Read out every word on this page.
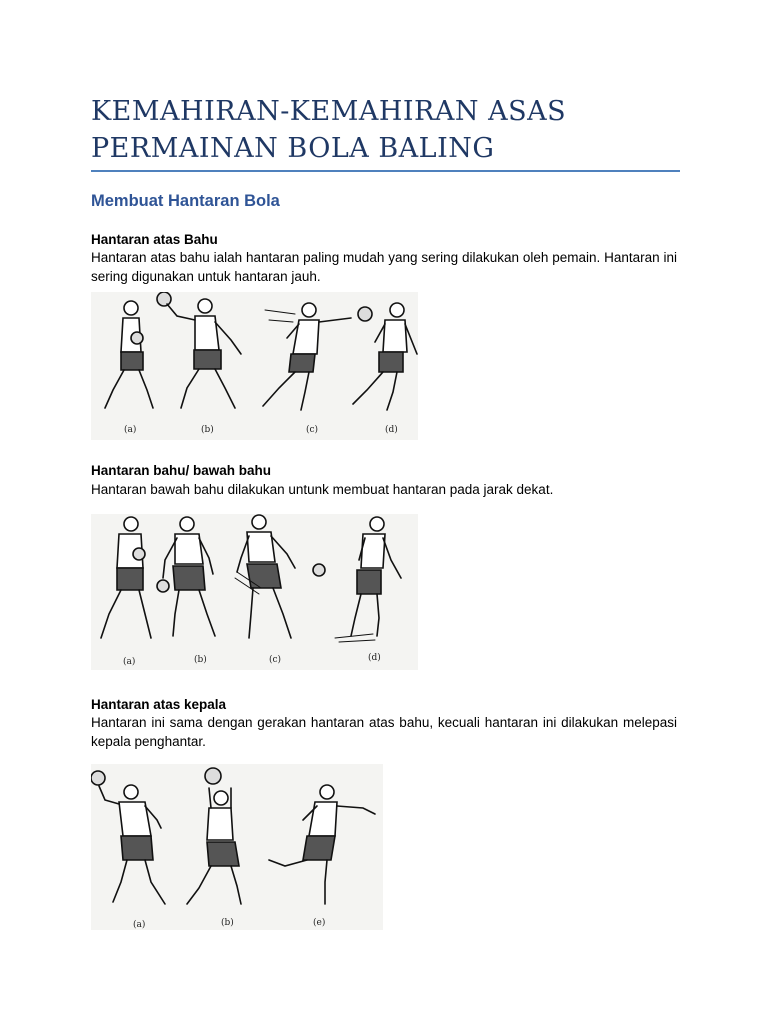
KEMAHIRAN-KEMAHIRAN ASAS
PERMAINAN BOLA BALING
Membuat Hantaran Bola
Hantaran atas Bahu

Hantaran atas bahu ialah hantaran paling mudah yang sering dilakukan oleh pemain. Hantaran ini sering digunakan untuk hantaran jauh.

(a)	(b)	(c)	(d)
Hantaran bahu/ bawah bahu

Hantaran bawah bahu dilakukan untunk membuat hantaran pada jarak dekat.

(a)	(b)	(c)	(d)
Hantaran atas kepala

Hantaran ini sama dengan gerakan hantaran atas bahu, kecuali hantaran ini dilakukan melepasi kepala penghantar.

(a)	(b)	(e)
